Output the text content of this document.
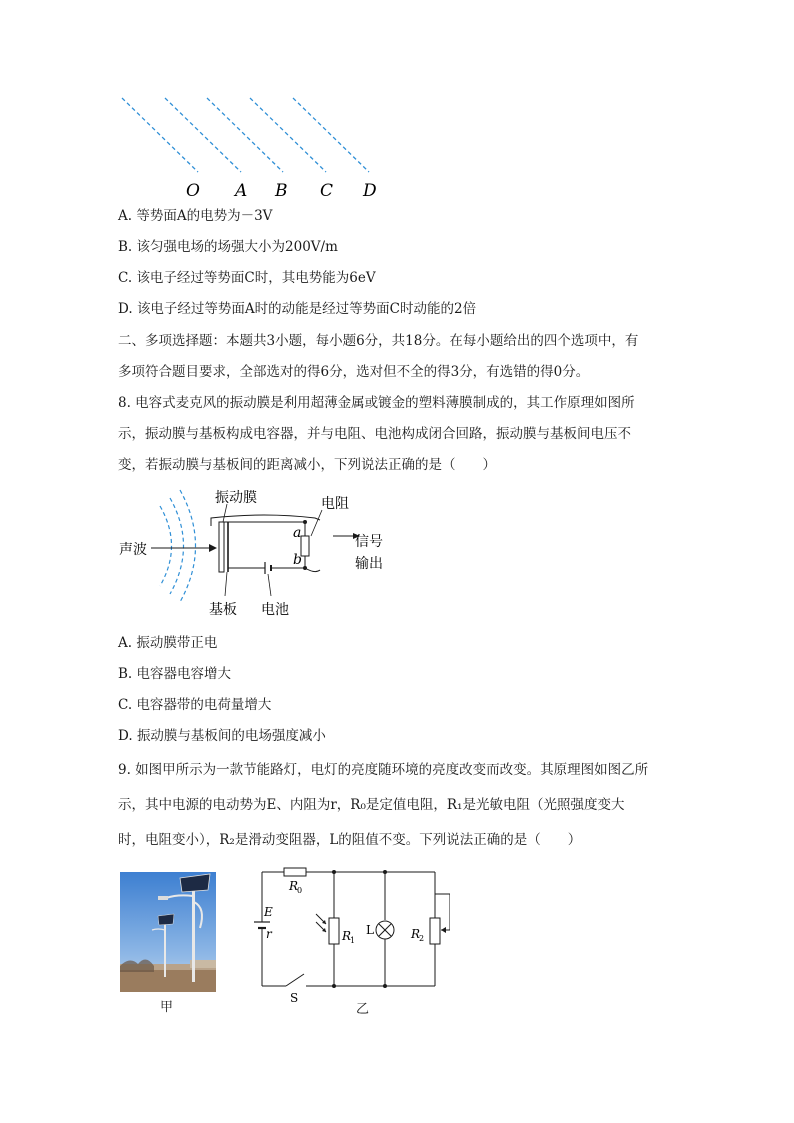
O A B C D
A. 等势面A的电势为－3V
B. 该匀强电场的场强大小为200V/m
C. 该电子经过等势面C时，其电势能为6eV
D. 该电子经过等势面A时的动能是经过等势面C时动能的2倍
二、多项选择题：本题共3小题，每小题6分，共18分。在每小题给出的四个选项中，有
多项符合题目要求，全部选对的得6分，选对但不全的得3分，有选错的得0分。
8. 电容式麦克风的振动膜是利用超薄金属或镀金的塑料薄膜制成的，其工作原理如图所
示，振动膜与基板构成电容器，并与电阻、电池构成闭合回路，振动膜与基板间电压不
变，若振动膜与基板间的距离减小，下列说法正确的是（　　）
声波
振动膜	电阻
a
b
信号
输出
基板 电池
A. 振动膜带正电
B. 电容器电容增大
C. 电容器带的电荷量增大
D. 振动膜与基板间的电场强度减小
9. 如图甲所示为一款节能路灯，电灯的亮度随环境的亮度改变而改变。其原理图如图乙所
示，其中电源的电动势为E、内阻为r，R₀是定值电阻，R₁是光敏电阻（光照强度变大
时，电阻变小），R₂是滑动变阻器，L的阻值不变。下列说法正确的是（　　）
甲
R
0
E
r	R
1
L	R
2
S
乙
